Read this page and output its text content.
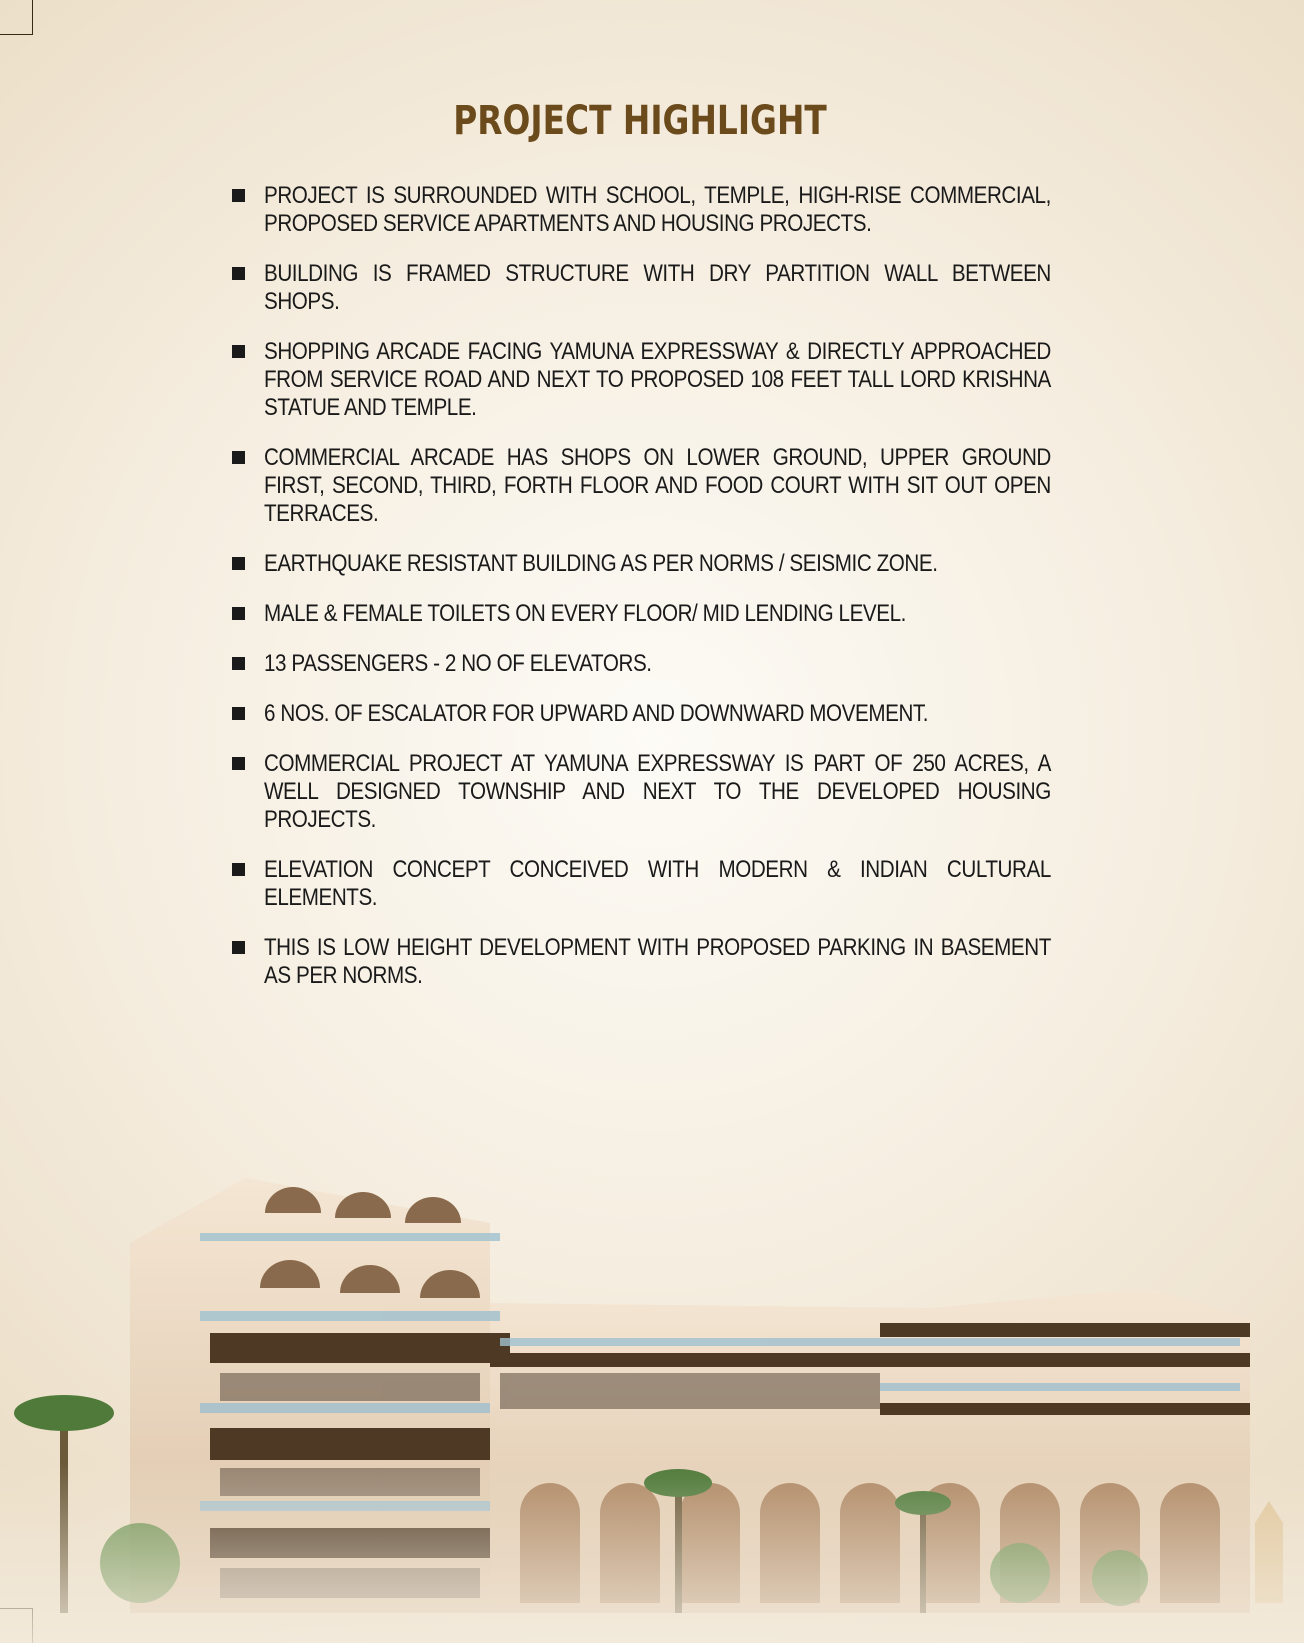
PROJECT HIGHLIGHT
PROJECT IS SURROUNDED WITH SCHOOL, TEMPLE, HIGH-RISE COMMERCIAL, PROPOSED SERVICE APARTMENTS AND HOUSING PROJECTS.
BUILDING IS FRAMED STRUCTURE WITH DRY PARTITION WALL BETWEEN SHOPS.
SHOPPING ARCADE FACING YAMUNA EXPRESSWAY & DIRECTLY APPROACHED FROM SERVICE ROAD AND NEXT TO PROPOSED 108 FEET TALL LORD KRISHNA STATUE AND TEMPLE.
COMMERCIAL ARCADE HAS SHOPS ON LOWER GROUND, UPPER GROUND FIRST, SECOND, THIRD, FORTH FLOOR AND FOOD COURT WITH SIT OUT OPEN TERRACES.
EARTHQUAKE RESISTANT BUILDING AS PER NORMS / SEISMIC ZONE.
MALE & FEMALE TOILETS ON EVERY FLOOR/ MID LENDING LEVEL.
13 PASSENGERS - 2 NO OF ELEVATORS.
6 NOS. OF ESCALATOR FOR UPWARD AND DOWNWARD MOVEMENT.
COMMERCIAL PROJECT AT YAMUNA EXPRESSWAY IS PART OF 250 ACRES, A WELL DESIGNED TOWNSHIP AND NEXT TO THE DEVELOPED HOUSING PROJECTS.
ELEVATION CONCEPT CONCEIVED WITH MODERN & INDIAN CULTURAL ELEMENTS.
THIS IS LOW HEIGHT DEVELOPMENT WITH PROPOSED PARKING IN BASEMENT AS PER NORMS.
